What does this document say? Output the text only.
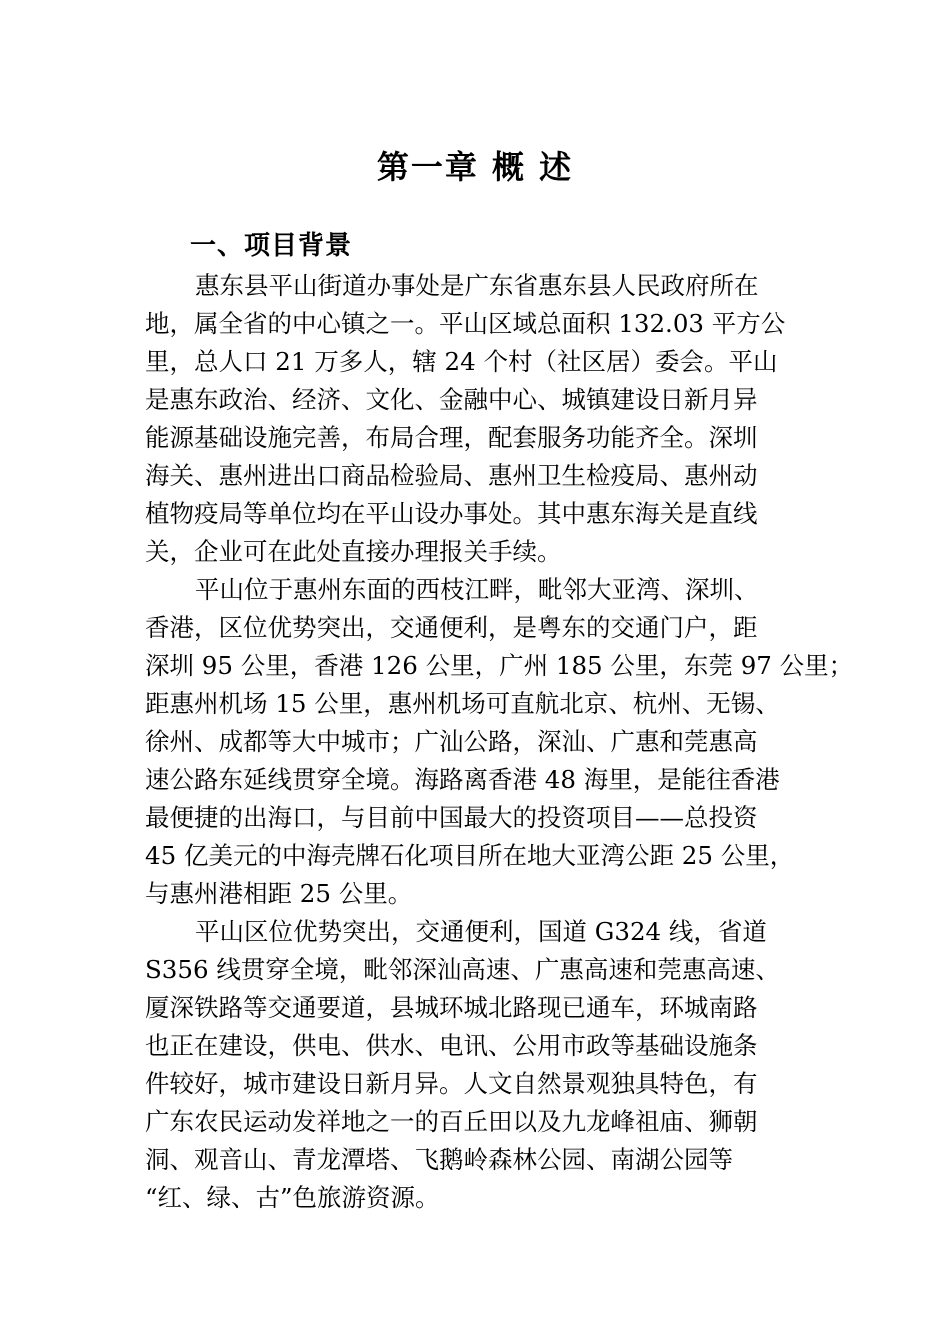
第一章 概 述
一、项目背景
惠东县平山街道办事处是广东省惠东县人民政府所在
地，属全省的中心镇之一。平山区域总面积 132.03 平方公
里，总人口 21 万多人，辖 24 个村（社区居）委会。平山
是惠东政治、经济、文化、金融中心、城镇建设日新月异
能源基础设施完善，布局合理，配套服务功能齐全。深圳
海关、惠州进出口商品检验局、惠州卫生检疫局、惠州动
植物疫局等单位均在平山设办事处。其中惠东海关是直线
关，企业可在此处直接办理报关手续。
平山位于惠州东面的西枝江畔，毗邻大亚湾、深圳、
香港，区位优势突出，交通便利，是粤东的交通门户，距
深圳 95 公里，香港 126 公里，广州 185 公里，东莞 97 公里；
距惠州机场 15 公里，惠州机场可直航北京、杭州、无锡、
徐州、成都等大中城市；广汕公路，深汕、广惠和莞惠高
速公路东延线贯穿全境。海路离香港 48 海里，是能往香港
最便捷的出海口，与目前中国最大的投资项目——总投资
45 亿美元的中海壳牌石化项目所在地大亚湾公距 25 公里，
与惠州港相距 25 公里。
平山区位优势突出，交通便利，国道 G324 线，省道
S356 线贯穿全境，毗邻深汕高速、广惠高速和莞惠高速、
厦深铁路等交通要道，县城环城北路现已通车，环城南路
也正在建设，供电、供水、电讯、公用市政等基础设施条
件较好，城市建设日新月异。人文自然景观独具特色，有
广东农民运动发祥地之一的百丘田以及九龙峰祖庙、狮朝
洞、观音山、青龙潭塔、飞鹅岭森林公园、南湖公园等
“红、绿、古”色旅游资源。
